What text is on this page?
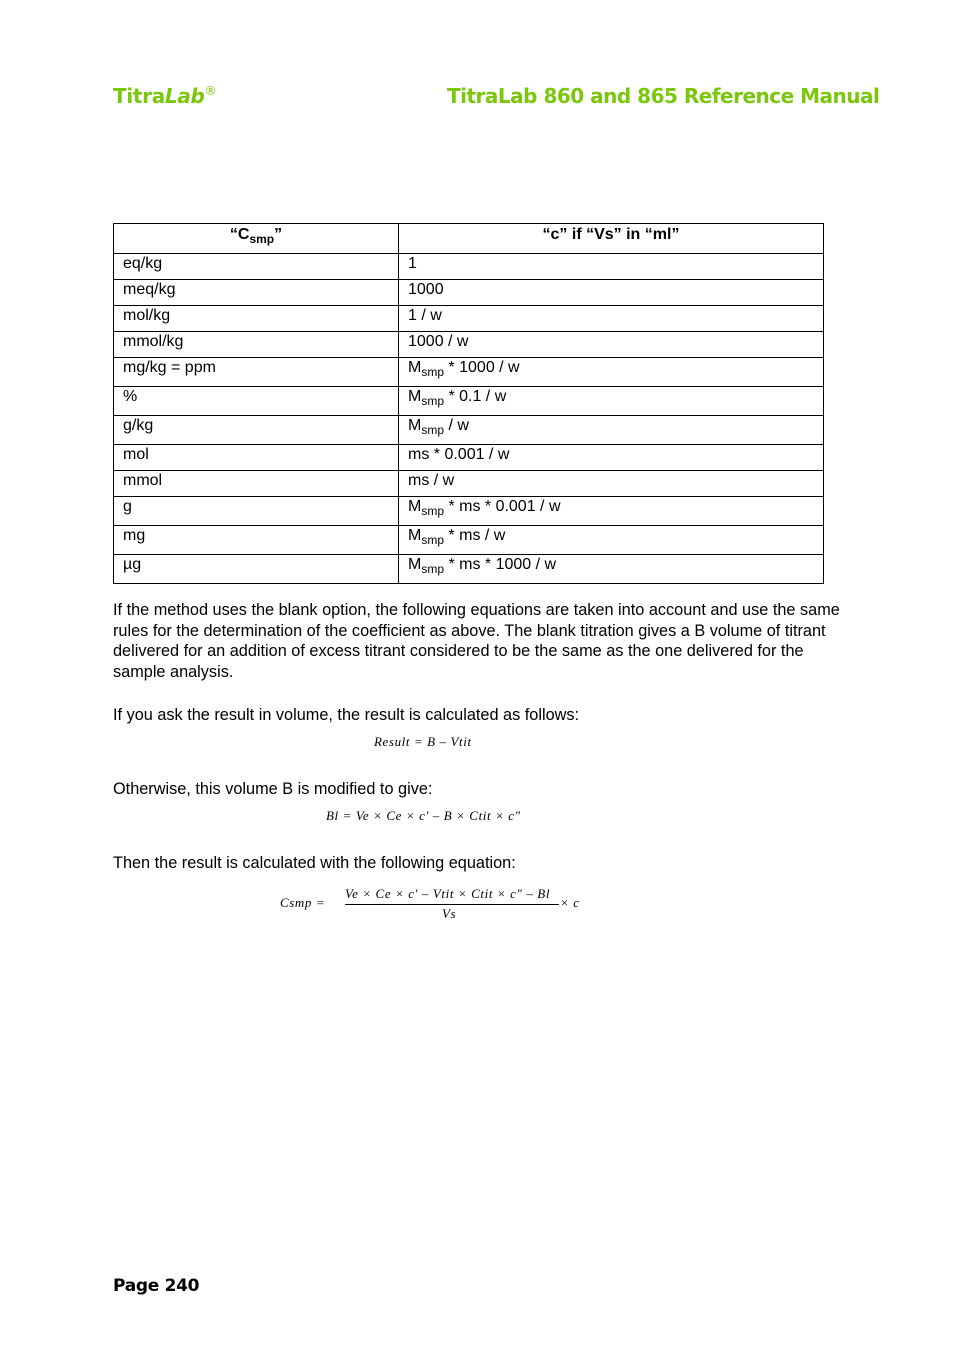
TitraLab®	TitraLab 860 and 865 Reference Manual
“$C_{smp}$”	“c” if “Vs” in “ml”
eq/kg	1
meq/kg	1000
mol/kg	1 / w
mmol/kg	1000 / w
mg/kg = ppm	$M_{smp} * 1000$ / w
%	$M_{smp} * 0.1$ / w
g/kg	$M_{smp}$ / w
mol	ms * 0.001 / w
mmol	ms / w
g	$M_{smp}$ * ms * 0.001 / w
mg	$M_{smp}$ * ms / w
µg	$M_{smp}$ * ms * 1000 / w

If the method uses the blank option, the following equations are taken into account and use the same rules for the determination of the coefficient as above. The blank titration gives a B volume of titrant delivered for an addition of excess titrant considered to be the same as the one delivered for the sample analysis.

If you ask the result in volume, the result is calculated as follows:

Result = B – Vtit

Otherwise, this volume B is modified to give:

Bl = Ve × Ce × c′ – B × Ctit × c″

Then the result is calculated with the following equation:

Csmp =
Ve × Ce × c′ – Vtit × Ctit × c″ – Bl
Vs
× c
Page 240
